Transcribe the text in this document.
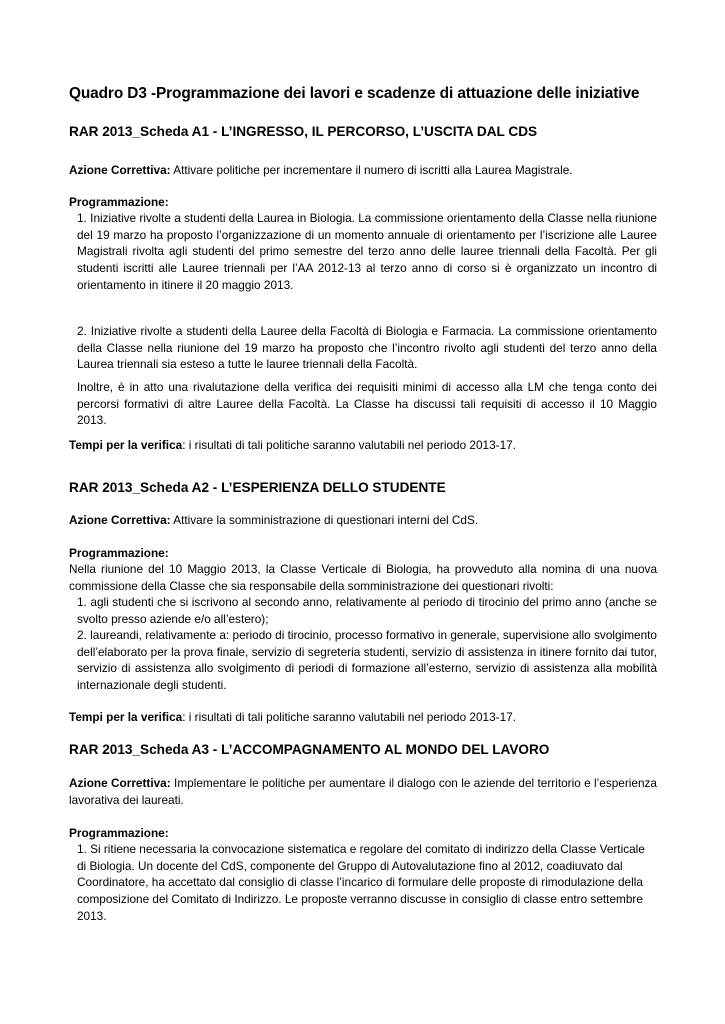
Quadro D3 -Programmazione dei lavori e scadenze di attuazione delle iniziative
RAR 2013_Scheda A1 - L’INGRESSO, IL PERCORSO, L’USCITA DAL CDS
Azione Correttiva: Attivare politiche per incrementare il numero di iscritti alla Laurea Magistrale.
Programmazione:

1. Iniziative rivolte a studenti della Laurea in Biologia. La commissione orientamento della Classe nella riunione del 19 marzo ha proposto l’organizzazione di un momento annuale di orientamento per l’iscrizione alle Lauree Magistrali rivolta agli studenti del primo semestre del terzo anno delle lauree triennali della Facoltà. Per gli studenti iscritti alle Lauree triennali per l’AA 2012-13 al terzo anno di corso si è organizzato un incontro di orientamento in itinere il 20 maggio 2013.

2. Iniziative rivolte a studenti della Lauree della Facoltà di Biologia e Farmacia. La commissione orientamento della Classe nella riunione del 19 marzo ha proposto che l’incontro rivolto agli studenti del terzo anno della Laurea triennali sia esteso a tutte le lauree triennali della Facoltà.

Inoltre, è in atto una rivalutazione della verifica dei requisiti minimi di accesso alla LM che tenga conto dei percorsi formativi di altre Lauree della Facoltà. La Classe ha discussi tali requisiti di accesso il 10 Maggio 2013.

Tempi per la verifica: i risultati di tali politiche saranno valutabili nel periodo 2013-17.
RAR 2013_Scheda A2 - L’ESPERIENZA DELLO STUDENTE
Azione Correttiva: Attivare la somministrazione di questionari interni del CdS.
Programmazione:

Nella riunione del 10 Maggio 2013, la Classe Verticale di Biologia, ha provveduto alla nomina di una nuova commissione della Classe che sia responsabile della somministrazione dei questionari rivolti:

1. agli studenti che si iscrivono al secondo anno, relativamente al periodo di tirocinio del primo anno (anche se svolto presso aziende e/o all’estero);

2. laureandi, relativamente a: periodo di tirocinio, processo formativo in generale, supervisione allo svolgimento dell’elaborato per la prova finale, servizio di segreteria studenti, servizio di assistenza in itinere fornito dai tutor, servizio di assistenza allo svolgimento di periodi di formazione all’esterno, servizio di assistenza alla mobilità internazionale degli studenti.

Tempi per la verifica: i risultati di tali politiche saranno valutabili nel periodo 2013-17.
RAR 2013_Scheda A3 - L’ACCOMPAGNAMENTO AL MONDO DEL LAVORO

Azione Correttiva: Implementare le politiche per aumentare il dialogo con le aziende del territorio e l’esperienza lavorativa dei laureati.

Programmazione:

1. Si ritiene necessaria la convocazione sistematica e regolare del comitato di indirizzo della Classe Verticale di Biologia. Un docente del CdS, componente del Gruppo di Autovalutazione fino al 2012, coadiuvato dal Coordinatore, ha accettato dal consiglio di classe l’incarico di formulare delle proposte di rimodulazione della composizione del Comitato di Indirizzo. Le proposte verranno discusse in consiglio di classe entro settembre 2013.
